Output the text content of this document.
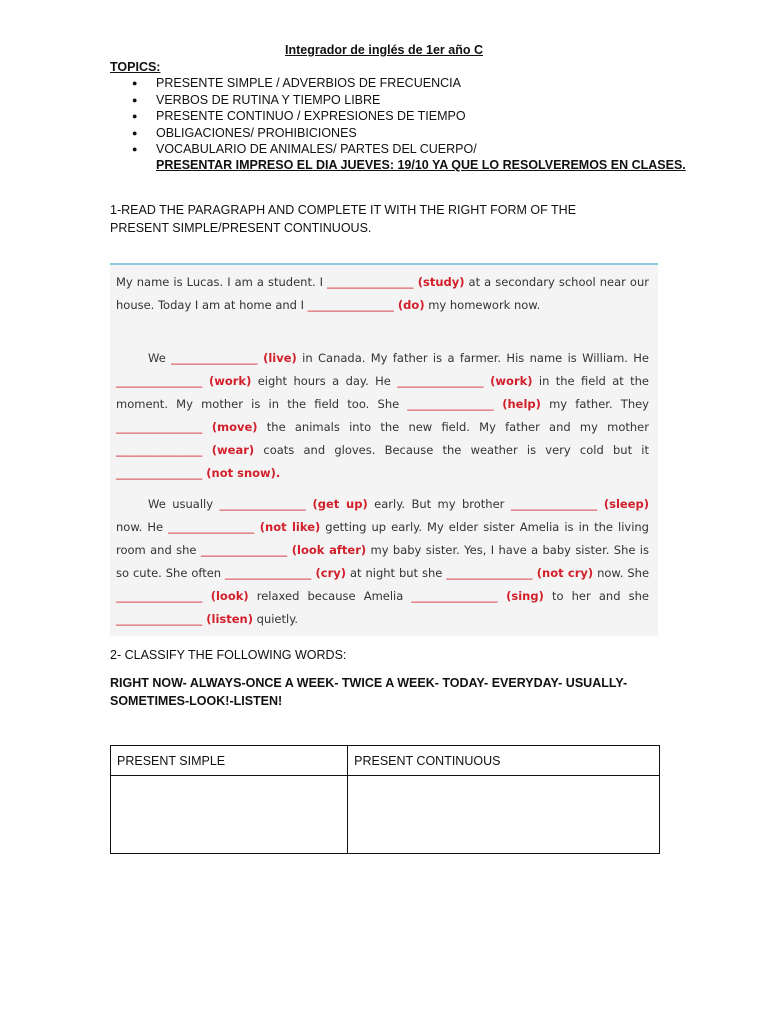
Integrador de inglés de 1er año C
TOPICS:
● PRESENTE SIMPLE / ADVERBIOS DE FRECUENCIA
● VERBOS DE RUTINA Y TIEMPO LIBRE
● PRESENTE CONTINUO / EXPRESIONES DE TIEMPO
● OBLIGACIONES/ PROHIBICIONES
● VOCABULARIO DE ANIMALES/ PARTES DEL CUERPO/
PRESENTAR IMPRESO EL DIA JUEVES: 19/10 YA QUE LO RESOLVEREMOS EN CLASES.
1-READ THE PARAGRAPH AND COMPLETE IT WITH THE RIGHT FORM OF THE PRESENT SIMPLE/PRESENT CONTINUOUS.
My name is Lucas. I am a student. I _______________ (study) at a secondary school near our house. Today I am at home and I _______________ (do) my homework now.
We _______________ (live) in Canada. My father is a farmer. His name is William. He _______________ (work) eight hours a day. He _______________ (work) in the field at the moment. My mother is in the field too. She _______________ (help) my father. They _______________ (move) the animals into the new field. My father and my mother _______________ (wear) coats and gloves. Because the weather is very cold but it _______________ (not snow).
We usually _______________ (get up) early. But my brother _______________ (sleep) now. He _______________ (not like) getting up early. My elder sister Amelia is in the living room and she _______________ (look after) my baby sister. Yes, I have a baby sister. She is so cute. She often _______________ (cry) at night but she _______________ (not cry) now. She _______________ (look) relaxed because Amelia _______________ (sing) to her and she _______________ (listen) quietly.
2- CLASSIFY THE FOLLOWING WORDS:
RIGHT NOW- ALWAYS-ONCE A WEEK- TWICE A WEEK- TODAY- EVERYDAY- USUALLY-SOMETIMES-LOOK!-LISTEN!
PRESENT SIMPLE	PRESENT CONTINUOUS
